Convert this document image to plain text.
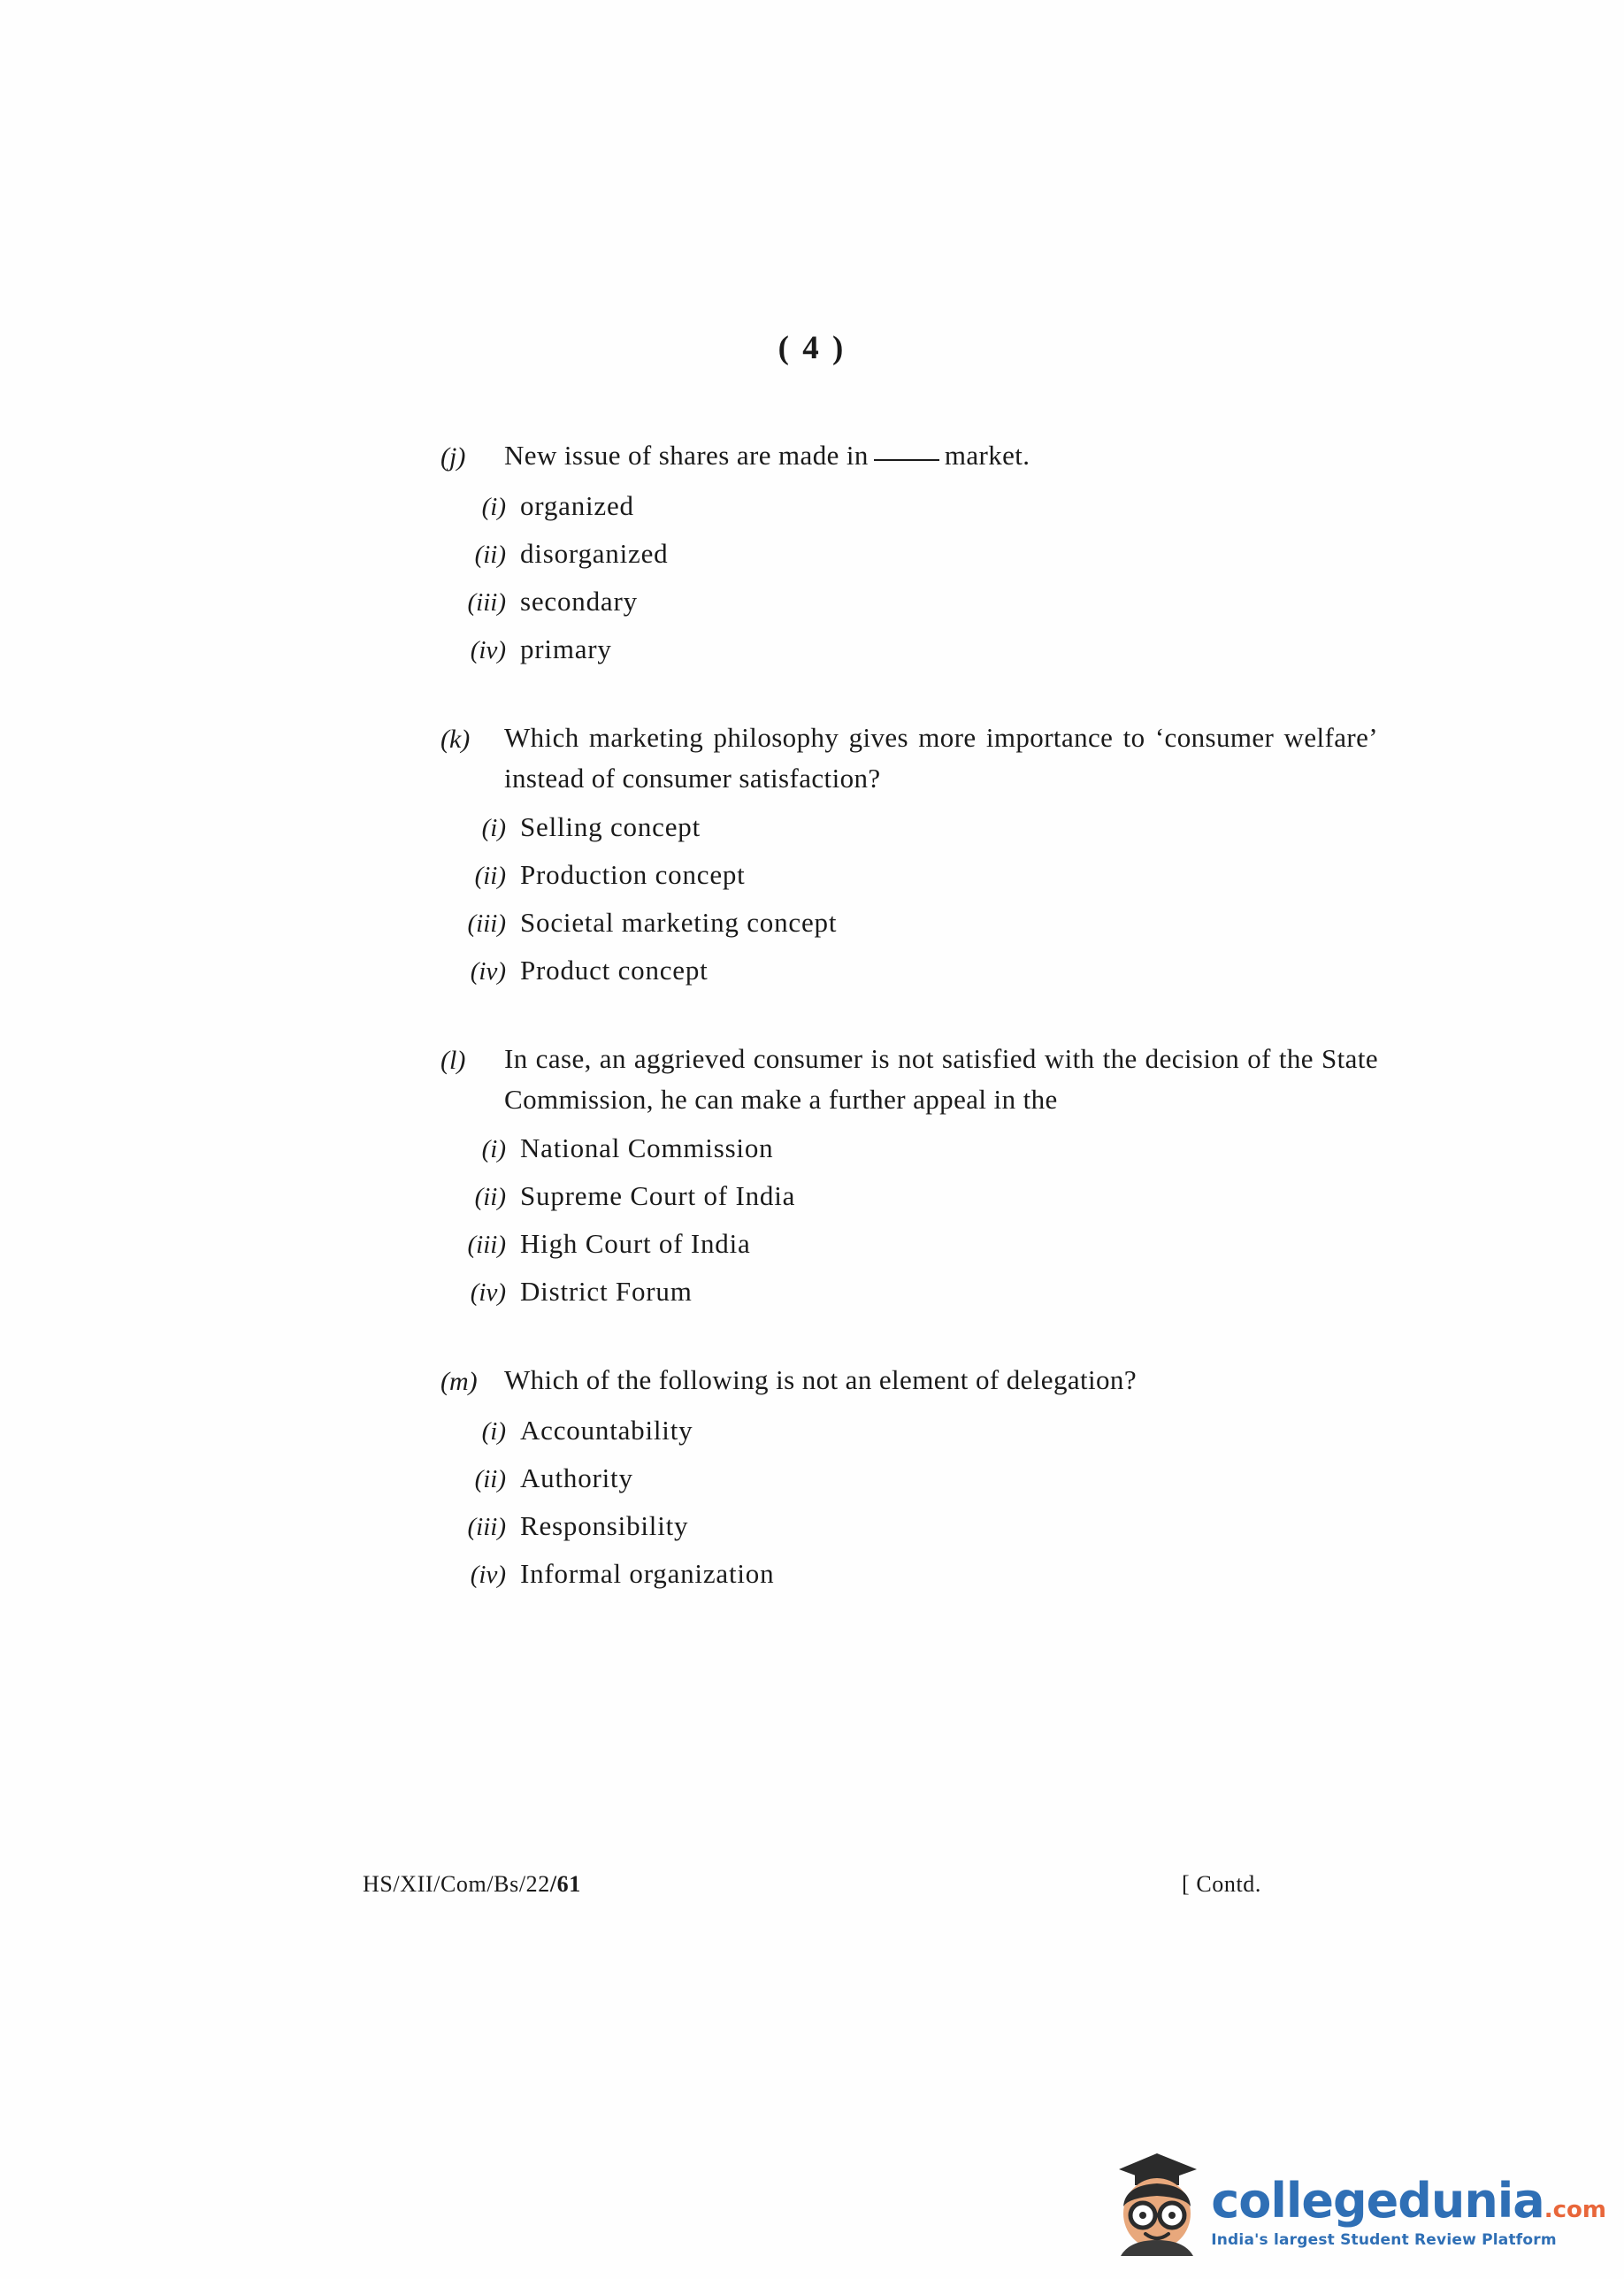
( 4 )
(j)	New issue of shares are made in	market.
(i) organized
(ii) disorganized
(iii) secondary
(iv) primary
(k)	Which marketing philosophy gives more importance to ‘consumer welfare’ instead of consumer satisfaction?
(i) Selling concept
(ii) Production concept
(iii) Societal marketing concept
(iv) Product concept
(l)	In case, an aggrieved consumer is not satisfied with the decision of the State Commission, he can make a further appeal in the
(i) National Commission
(ii) Supreme Court of India
(iii) High Court of India
(iv) District Forum
(m) Which of the following is not an element of delegation?
(i) Accountability
(ii) Authority
(iii) Responsibility
(iv) Informal organization
HS/XII/Com/Bs/22/61	[ Contd.
collegedunia.com
India's largest Student Review Platform
